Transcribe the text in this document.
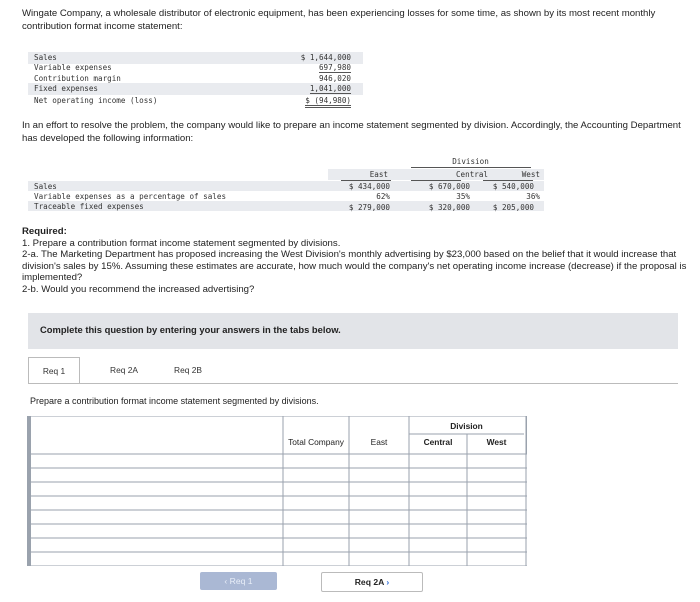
Wingate Company, a wholesale distributor of electronic equipment, has been experiencing losses for some time, as shown by its most recent monthly contribution format income statement:
Sales	$ 1,644,000
Variable expenses	697,980
Contribution margin	946,020
Fixed expenses	1,041,000
Net operating income (loss)	$ (94,980)
In an effort to resolve the problem, the company would like to prepare an income statement segmented by division. Accordingly, the Accounting Department has developed the following information:
Division
East	Central	West
Sales	$ 434,000	$ 670,000	$ 540,000
Variable expenses as a percentage of sales	62%	35%	36%
Traceable fixed expenses	$ 279,000	$ 320,000	$ 205,000
Required:
1. Prepare a contribution format income statement segmented by divisions.
2-a. The Marketing Department has proposed increasing the West Division's monthly advertising by $23,000 based on the belief that it would increase that division's sales by 15%. Assuming these estimates are accurate, how much would the company's net operating income increase (decrease) if the proposal is implemented?
2-b. Would you recommend the increased advertising?
Complete this question by entering your answers in the tabs below.
Req 1	Req 2A	Req 2B
Prepare a contribution format income statement segmented by divisions.
Division
Total Company	East	Central	West
‹ Req 1	Req 2A ›
